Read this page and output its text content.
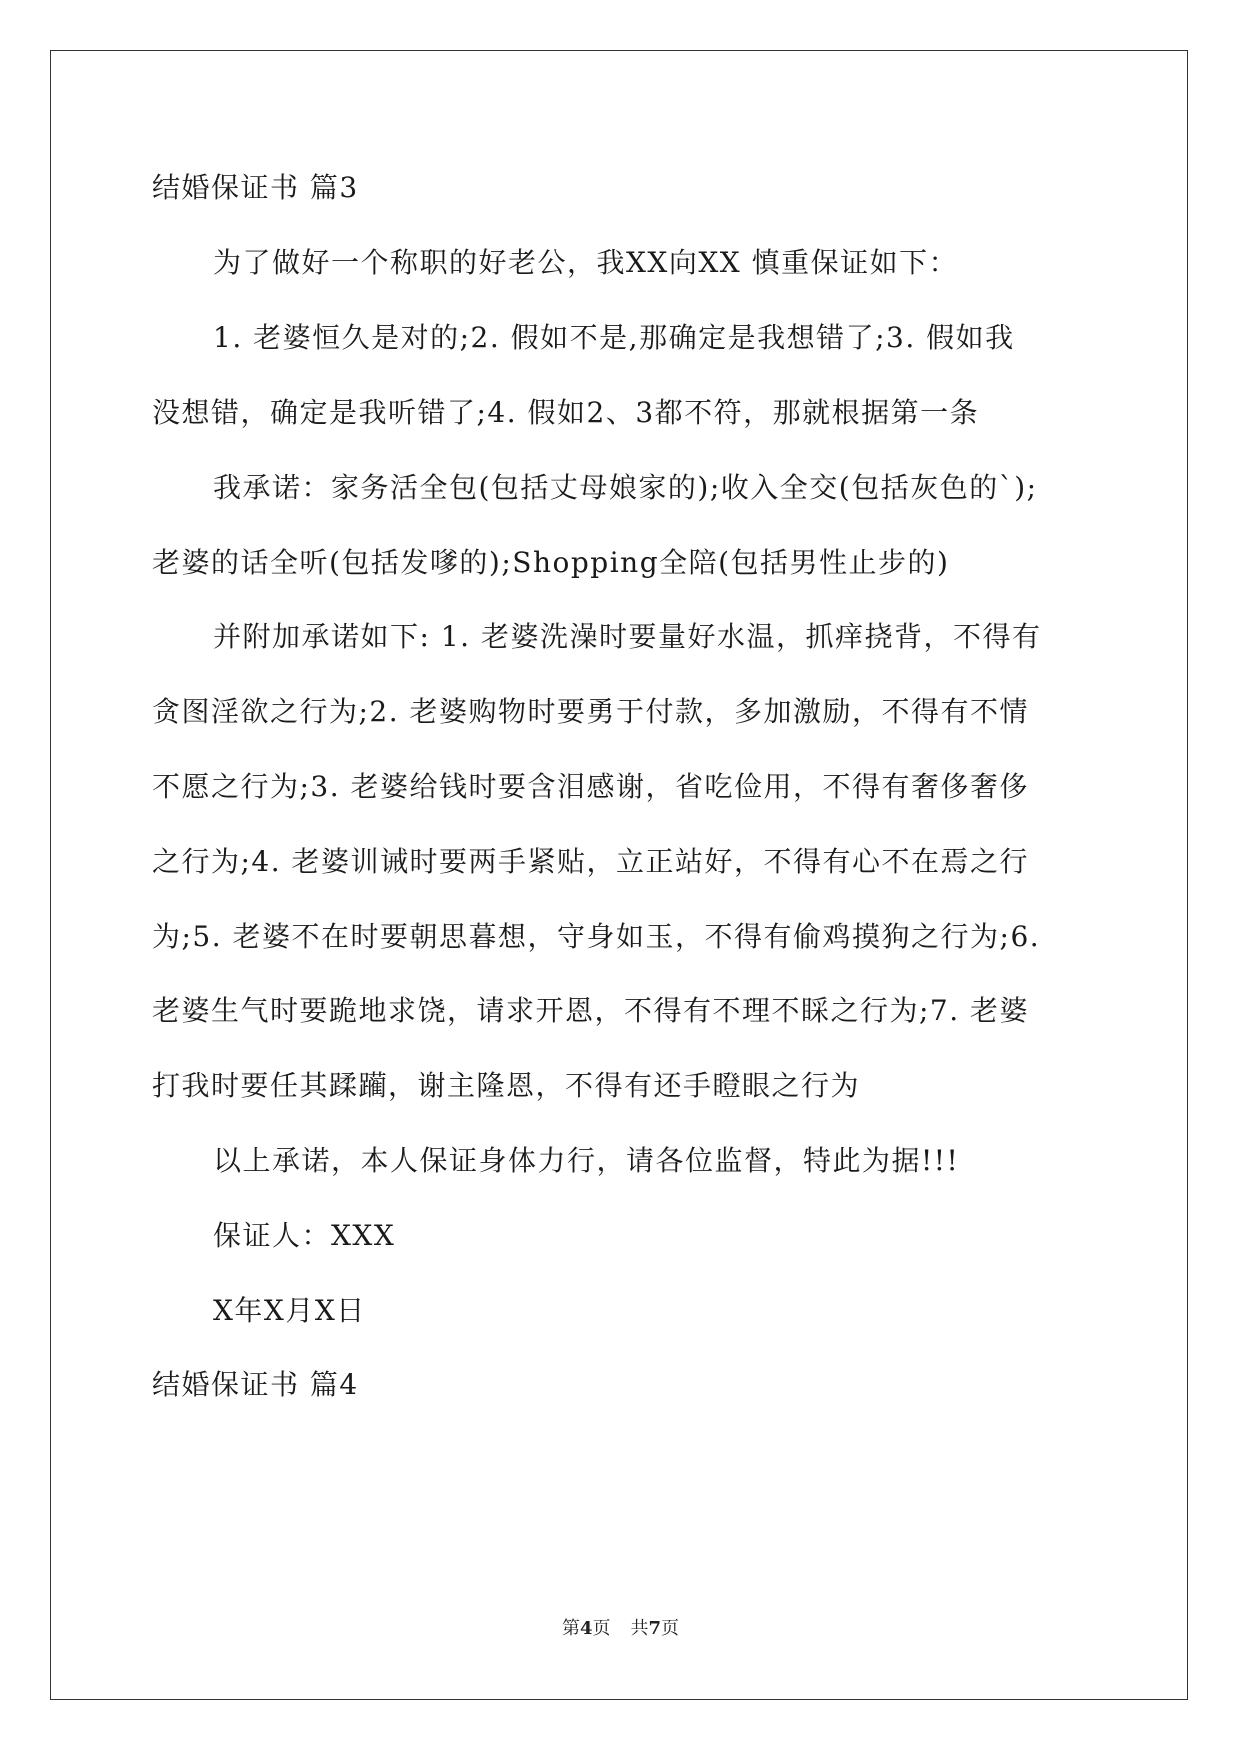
结婚保证书 篇3
为了做好一个称职的好老公，我XX向XX 慎重保证如下：
1. 老婆恒久是对的;2. 假如不是,那确定是我想错了;3. 假如我
没想错，确定是我听错了;4. 假如2、3都不符，那就根据第一条
我承诺：家务活全包(包括丈母娘家的);收入全交(包括灰色的`);
老婆的话全听(包括发嗲的);Shopping全陪(包括男性止步的)
并附加承诺如下: 1. 老婆洗澡时要量好水温，抓痒挠背，不得有
贪图淫欲之行为;2. 老婆购物时要勇于付款，多加激励，不得有不情
不愿之行为;3. 老婆给钱时要含泪感谢，省吃俭用，不得有奢侈奢侈
之行为;4. 老婆训诫时要两手紧贴，立正站好，不得有心不在焉之行
为;5. 老婆不在时要朝思暮想，守身如玉，不得有偷鸡摸狗之行为;6.
老婆生气时要跪地求饶，请求开恩，不得有不理不睬之行为;7. 老婆
打我时要任其蹂躏，谢主隆恩，不得有还手瞪眼之行为
以上承诺，本人保证身体力行，请各位监督，特此为据!!!
保证人：XXX
X年X月X日
结婚保证书 篇4
第4页 共7页
